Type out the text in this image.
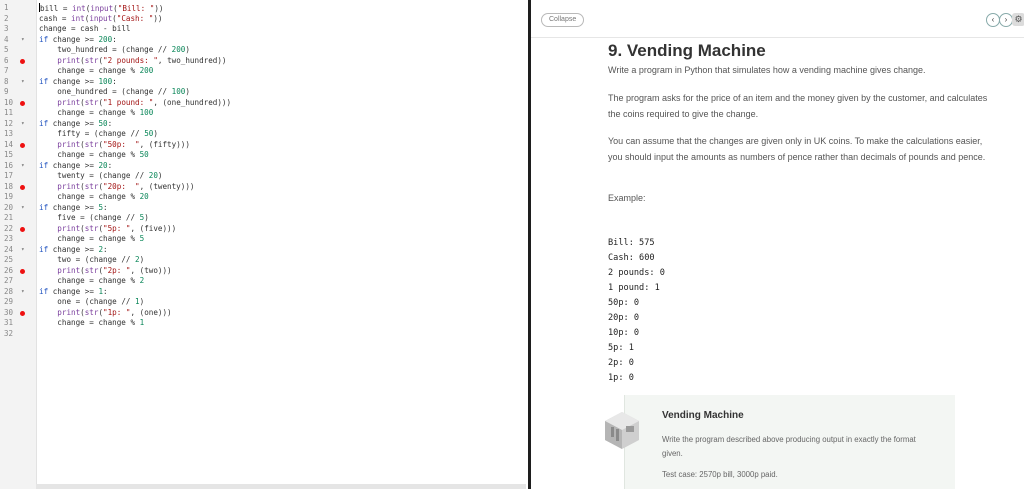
1
2
3
4 ▾
5
6
7
8 ▾
9
10
11
12 ▾
13
14
15
16 ▾
17
18
19
20 ▾
21
22
23
24 ▾
25
26
27
28 ▾
29
30
31
32
bill = int(input("Bill: "))
cash = int(input("Cash: "))
change = cash - bill
if change >= 200:
two_hundred = (change // 200)
print(str("2 pounds: ", two_hundred))
change = change % 200
if change >= 100:
one_hundred = (change // 100)
print(str("1 pound: ", (one_hundred)))
change = change % 100
if change >= 50:
fifty = (change // 50)
print(str("50p:  ", (fifty)))
change = change % 50
if change >= 20:
twenty = (change // 20)
print(str("20p:  ", (twenty)))
change = change % 20
if change >= 5:
five = (change // 5)
print(str("5p: ", (five)))
change = change % 5
if change >= 2:
two = (change // 2)
print(str("2p: ", (two)))
change = change % 2
if change >= 1:
one = (change // 1)
print(str("1p: ", (one)))
change = change % 1
Collapse	‹	› ⚙
9. Vending Machine
Write a program in Python that simulates how a vending machine gives change.
The program asks for the price of an item and the money given by the customer, and calculates the coins required to give the change.
You can assume that the changes are given only in UK coins. To make the calculations easier, you should input the amounts as numbers of pence rather than decimals of pounds and pence.
Example:
Bill: 575
Cash: 600
2 pounds: 0
1 pound: 1
50p: 0
20p: 0
10p: 0
5p: 1
2p: 0
1p: 0
Vending Machine
Write the program described above producing output in exactly the format given.
Test case: 2570p bill, 3000p paid.
